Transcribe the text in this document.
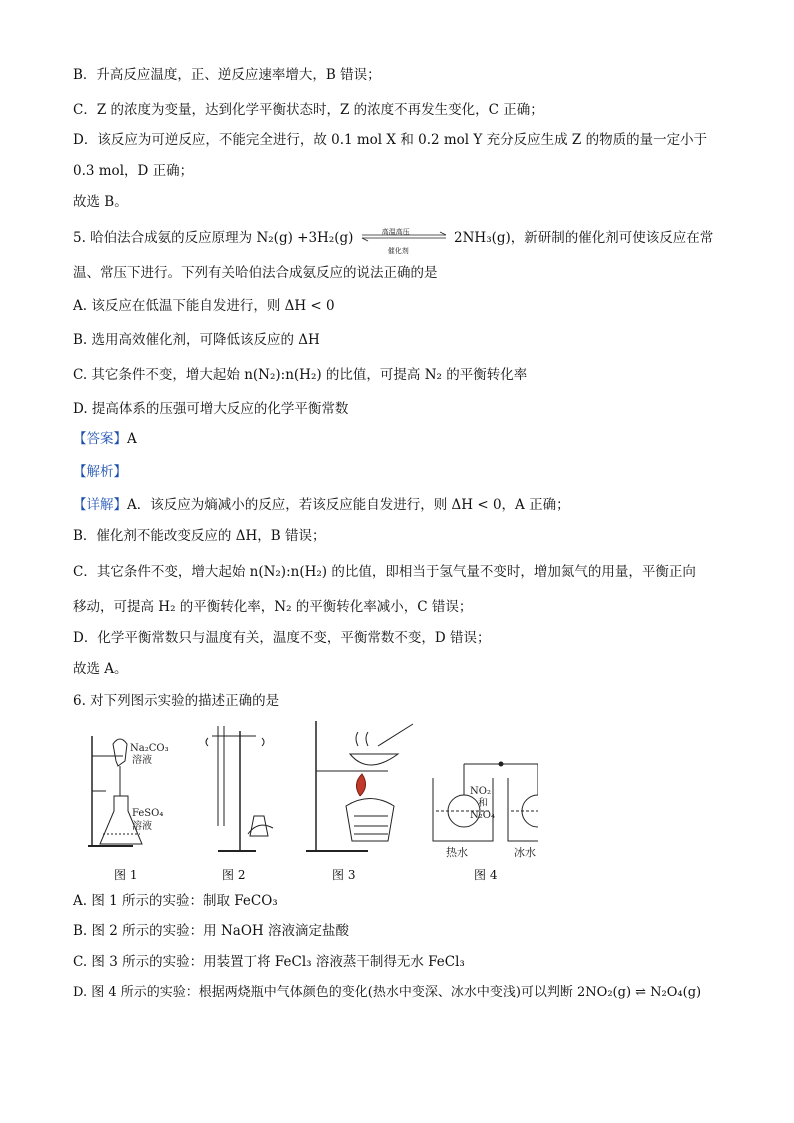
B．升高反应温度，正、逆反应速率增大，B 错误；
C．Z 的浓度为变量，达到化学平衡状态时，Z 的浓度不再发生变化，C 正确；
D．该反应为可逆反应，不能完全进行，故 0.1 mol X 和 0.2 mol Y 充分反应生成 Z 的物质的量一定小于
0.3 mol，D 正确；
故选 B。
5. 哈伯法合成氨的反应原理为 N₂(g) +3H₂(g)	高温高压
催化剂
2NH₃(g)，新研制的催化剂可使该反应在常
温、常压下进行。下列有关哈伯法合成氨反应的说法正确的是
A. 该反应在低温下能自发进行，则 ΔH < 0
B. 选用高效催化剂，可降低该反应的 ΔH
C. 其它条件不变，增大起始 n(N₂):n(H₂) 的比值，可提高 N₂ 的平衡转化率
D. 提高体系的压强可增大反应的化学平衡常数
【答案】A
【解析】
【详解】A．该反应为熵减小的反应，若该反应能自发进行，则 ΔH < 0，A 正确；
B．催化剂不能改变反应的 ΔH，B 错误；
C．其它条件不变，增大起始 n(N₂):n(H₂) 的比值，即相当于氢气量不变时，增加氮气的用量，平衡正向
移动，可提高 H₂ 的平衡转化率，N₂ 的平衡转化率减小，C 错误；
D．化学平衡常数只与温度有关，温度不变，平衡常数不变，D 错误；
故选 A。
6. 对下列图示实验的描述正确的是
Na₂CO₃
溶液
FeSO₄
溶液
NO₂
和
N₂O₄
热水	冰水
图 1	图 2	图 3	图 4
A. 图 1 所示的实验：制取 FeCO₃
B. 图 2 所示的实验：用 NaOH 溶液滴定盐酸
C. 图 3 所示的实验：用装置丁将 FeCl₃ 溶液蒸干制得无水 FeCl₃
D. 图 4 所示的实验：根据两烧瓶中气体颜色的变化(热水中变深、冰水中变浅)可以判断 2NO₂(g) ⇌ N₂O₄(g)
